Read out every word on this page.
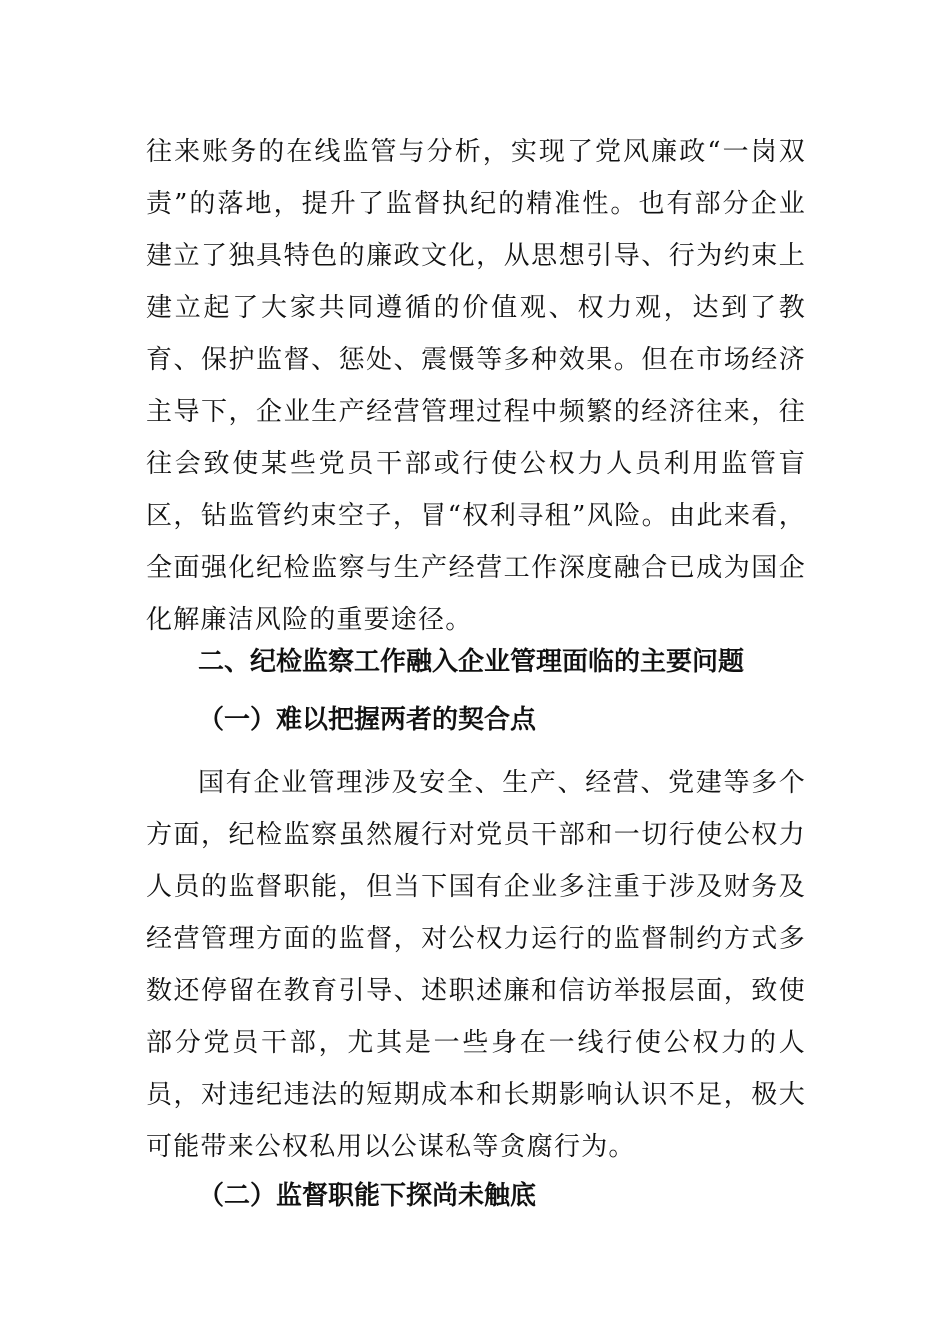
往来账务的在线监管与分析，实现了党风廉政“一岗双责”的落地，提升了监督执纪的精准性。也有部分企业建立了独具特色的廉政文化，从思想引导、行为约束上建立起了大家共同遵循的价值观、权力观，达到了教育、保护监督、惩处、震慑等多种效果。但在市场经济主导下，企业生产经营管理过程中频繁的经济往来，往往会致使某些党员干部或行使公权力人员利用监管盲区，钻监管约束空子，冒“权利寻租”风险。由此来看，全面强化纪检监察与生产经营工作深度融合已成为国企化解廉洁风险的重要途径。

二、纪检监察工作融入企业管理面临的主要问题
（一）难以把握两者的契合点

国有企业管理涉及安全、生产、经营、党建等多个方面，纪检监察虽然履行对党员干部和一切行使公权力人员的监督职能，但当下国有企业多注重于涉及财务及经营管理方面的监督，对公权力运行的监督制约方式多数还停留在教育引导、述职述廉和信访举报层面，致使部分党员干部，尤其是一些身在一线行使公权力的人员，对违纪违法的短期成本和长期影响认识不足，极大可能带来公权私用以公谋私等贪腐行为。

（二）监督职能下探尚未触底
